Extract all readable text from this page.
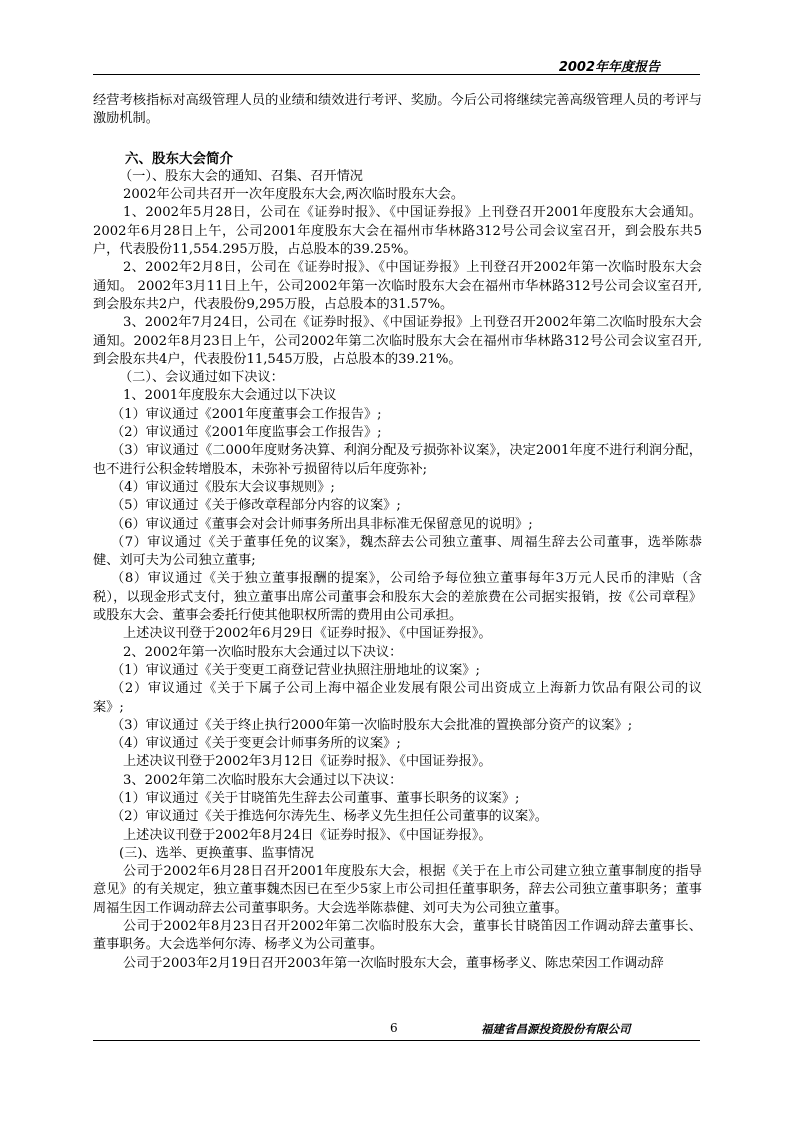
2002年年度报告

经营考核指标对高级管理人员的业绩和绩效进行考评、奖励。今后公司将继续完善高级管理人员的考评与激励机制。

六、股东大会简介

（一）、股东大会的通知、召集、召开情况

2002年公司共召开一次年度股东大会,两次临时股东大会。

1、2002年5月28日，公司在《证券时报》、《中国证券报》上刊登召开2001年度股东大会通知。2002年6月28日上午，公司2001年度股东大会在福州市华林路312号公司会议室召开，到会股东共5户，代表股份11,554.295万股，占总股本的39.25%。

2、2002年2月8日，公司在《证券时报》、《中国证券报》上刊登召开2002年第一次临时股东大会通知。 2002年3月11日上午，公司2002年第一次临时股东大会在福州市华林路312号公司会议室召开,到会股东共2户，代表股份9,295万股，占总股本的31.57%。

3、2002年7月24日，公司在《证券时报》、《中国证券报》上刊登召开2002年第二次临时股东大会通知。2002年8月23日上午，公司2002年第二次临时股东大会在福州市华林路312号公司会议室召开,到会股东共4户，代表股份11,545万股，占总股本的39.21%。

（二）、会议通过如下决议：

1、2001年度股东大会通过以下决议

（1）审议通过《2001年度董事会工作报告》;

（2）审议通过《2001年度监事会工作报告》;

（3）审议通过《二000年度财务决算、利润分配及亏损弥补议案》，决定2001年度不进行利润分配，也不进行公积金转增股本，未弥补亏损留待以后年度弥补;

（4）审议通过《股东大会议事规则》;

（5）审议通过《关于修改章程部分内容的议案》;

（6）审议通过《董事会对会计师事务所出具非标准无保留意见的说明》;

（7）审议通过《关于董事任免的议案》，魏杰辞去公司独立董事、周福生辞去公司董事，选举陈恭健、刘可夫为公司独立董事;

（8）审议通过《关于独立董事报酬的提案》，公司给予每位独立董事每年3万元人民币的津贴（含税），以现金形式支付，独立董事出席公司董事会和股东大会的差旅费在公司据实报销，按《公司章程》或股东大会、董事会委托行使其他职权所需的费用由公司承担。

上述决议刊登于2002年6月29日《证券时报》、《中国证券报》。

2、2002年第一次临时股东大会通过以下决议：

（1）审议通过《关于变更工商登记营业执照注册地址的议案》;

（2）审议通过《关于下属子公司上海中福企业发展有限公司出资成立上海新力饮品有限公司的议案》;

（3）审议通过《关于终止执行2000年第一次临时股东大会批准的置换部分资产的议案》;

（4）审议通过《关于变更会计师事务所的议案》;

上述决议刊登于2002年3月12日《证券时报》、《中国证券报》。

3、2002年第二次临时股东大会通过以下决议：

（1）审议通过《关于甘晓笛先生辞去公司董事、董事长职务的议案》;

（2）审议通过《关于推选何尔涛先生、杨孝义先生担任公司董事的议案》。

上述决议刊登于2002年8月24日《证券时报》、《中国证券报》。

(三)、选举、更换董事、监事情况

公司于2002年6月28日召开2001年度股东大会，根据《关于在上市公司建立独立董事制度的指导意见》的有关规定，独立董事魏杰因已在至少5家上市公司担任董事职务，辞去公司独立董事职务；董事周福生因工作调动辞去公司董事职务。大会选举陈恭健、刘可夫为公司独立董事。

公司于2002年8月23日召开2002年第二次临时股东大会，董事长甘晓笛因工作调动辞去董事长、董事职务。大会选举何尔涛、杨孝义为公司董事。

公司于2003年2月19日召开2003年第一次临时股东大会，董事杨孝义、陈忠荣因工作调动辞

6	福建省昌源投资股份有限公司
